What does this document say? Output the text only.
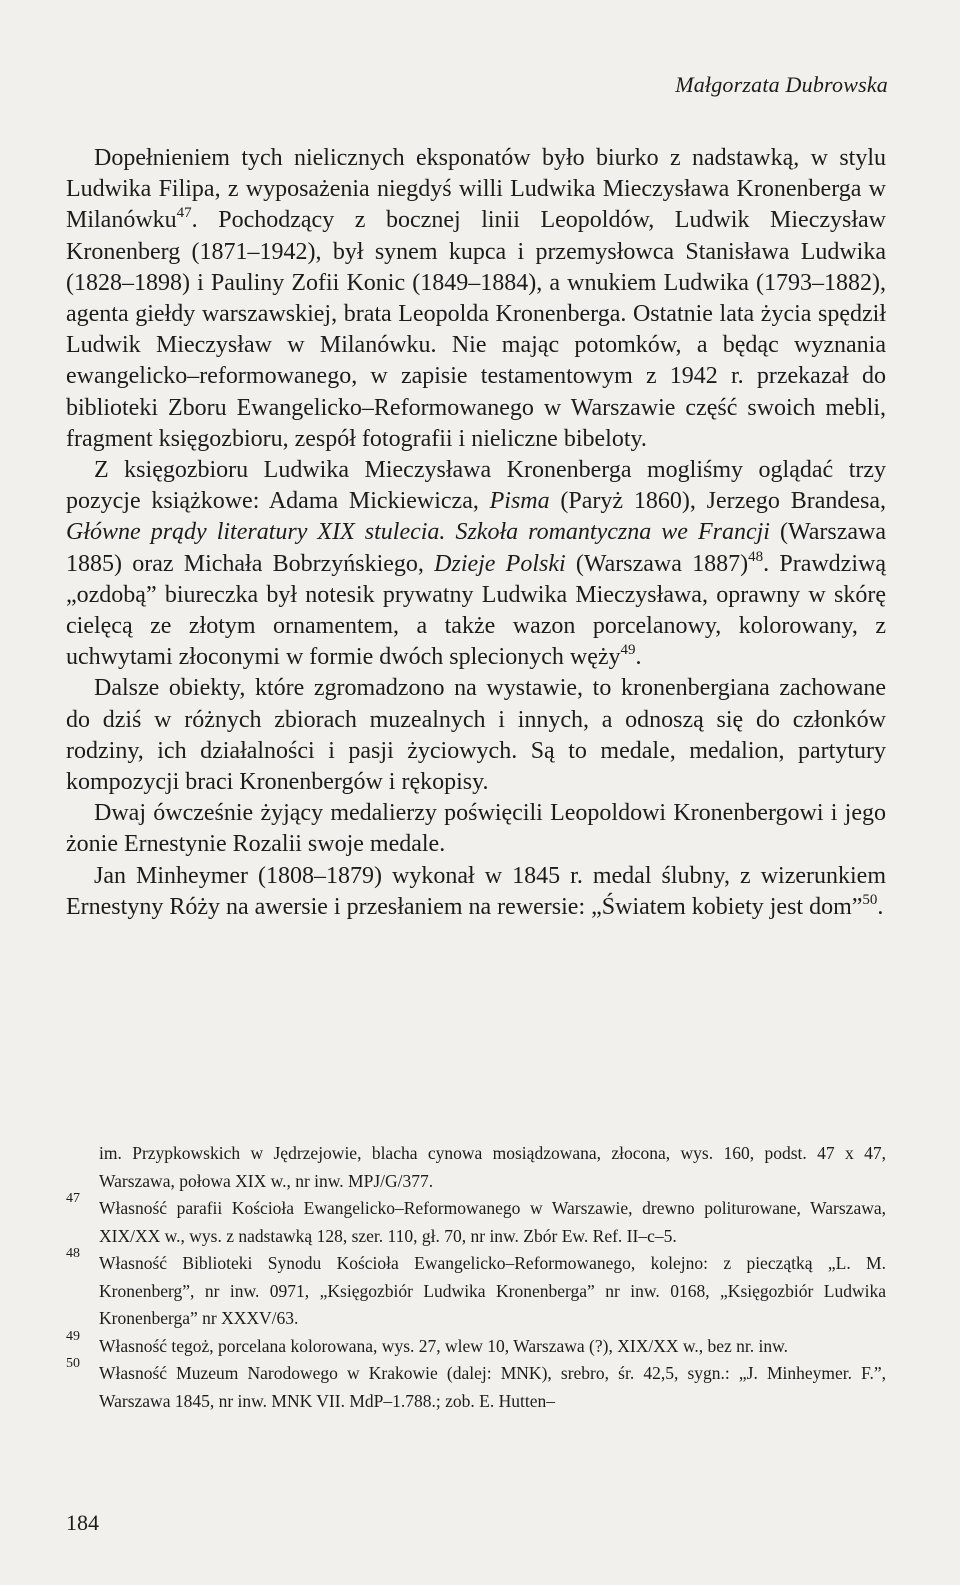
Małgorzata Dubrowska

Dopełnieniem tych nielicznych eksponatów było biurko z nadstawką, w stylu Ludwika Filipa, z wyposażenia niegdyś willi Ludwika Mieczysława Kronenberga w Milanówku$^{47}$. Pochodzący z bocznej linii Leopoldów, Ludwik Mieczysław Kronenberg (1871–1942), był synem kupca i przemysłowca Stanisława Ludwika (1828–1898) i Pauliny Zofii Konic (1849–1884), a wnukiem Ludwika (1793–1882), agenta giełdy warszawskiej, brata Leopolda Kronenberga. Ostatnie lata życia spędził Ludwik Mieczysław w Milanówku. Nie mając potomków, a będąc wyznania ewangelicko–reformowanego, w zapisie testamentowym z 1942 r. przekazał do biblioteki Zboru Ewangelicko–Reformowanego w Warszawie część swoich mebli, fragment księgozbioru, zespół fotografii i nieliczne bibeloty.

Z księgozbioru Ludwika Mieczysława Kronenberga mogliśmy oglądać trzy pozycje książkowe: Adama Mickiewicza, Pisma (Paryż 1860), Jerzego Brandesa, Główne prądy literatury XIX stulecia. Szkoła romantyczna we Francji (Warszawa 1885) oraz Michała Bobrzyńskiego, Dzieje Polski (Warszawa 1887)$^{48}$. Prawdziwą „ozdobą” biureczka był notesik prywatny Ludwika Mieczysława, oprawny w skórę cielęcą ze złotym ornamentem, a także wazon porcelanowy, kolorowany, z uchwytami złoconymi w formie dwóch splecionych węży$^{49}$.

Dalsze obiekty, które zgromadzono na wystawie, to kronenbergiana zachowane do dziś w różnych zbiorach muzealnych i innych, a odnoszą się do członków rodziny, ich działalności i pasji życiowych. Są to medale, medalion, partytury kompozycji braci Kronenbergów i rękopisy.

Dwaj ówcześnie żyjący medalierzy poświęcili Leopoldowi Kronenbergowi i jego żonie Ernestynie Rozalii swoje medale.

Jan Minheymer (1808–1879) wykonał w 1845 r. medal ślubny, z wizerunkiem Ernestyny Róży na awersie i przesłaniem na rewersie: „Światem kobiety jest dom”$^{50}$.

im. Przypkowskich w Jędrzejowie, blacha cynowa mosiądzowana, złocona, wys. 160, podst. 47 x 47, Warszawa, połowa XIX w., nr inw. MPJ/G/377.
47 Własność parafii Kościoła Ewangelicko–Reformowanego w Warszawie, drewno politurowane, Warszawa, XIX/XX w., wys. z nadstawką 128, szer. 110, gł. 70, nr inw. Zbór Ew. Ref. II–c–5.
48 Własność Biblioteki Synodu Kościoła Ewangelicko–Reformowanego, kolejno: z pieczątką „L. M. Kronenberg”, nr inw. 0971, „Księgozbiór Ludwika Kronenberga” nr inw. 0168, „Księgozbiór Ludwika Kronenberga” nr XXXV/63.
49 Własność tegoż, porcelana kolorowana, wys. 27, wlew 10, Warszawa (?), XIX/XX w., bez nr. inw.
50 Własność Muzeum Narodowego w Krakowie (dalej: MNK), srebro, śr. 42,5, sygn.: „J. Minheymer. F.”, Warszawa 1845, nr inw. MNK VII. MdP–1.788.; zob. E. Hutten–
184
